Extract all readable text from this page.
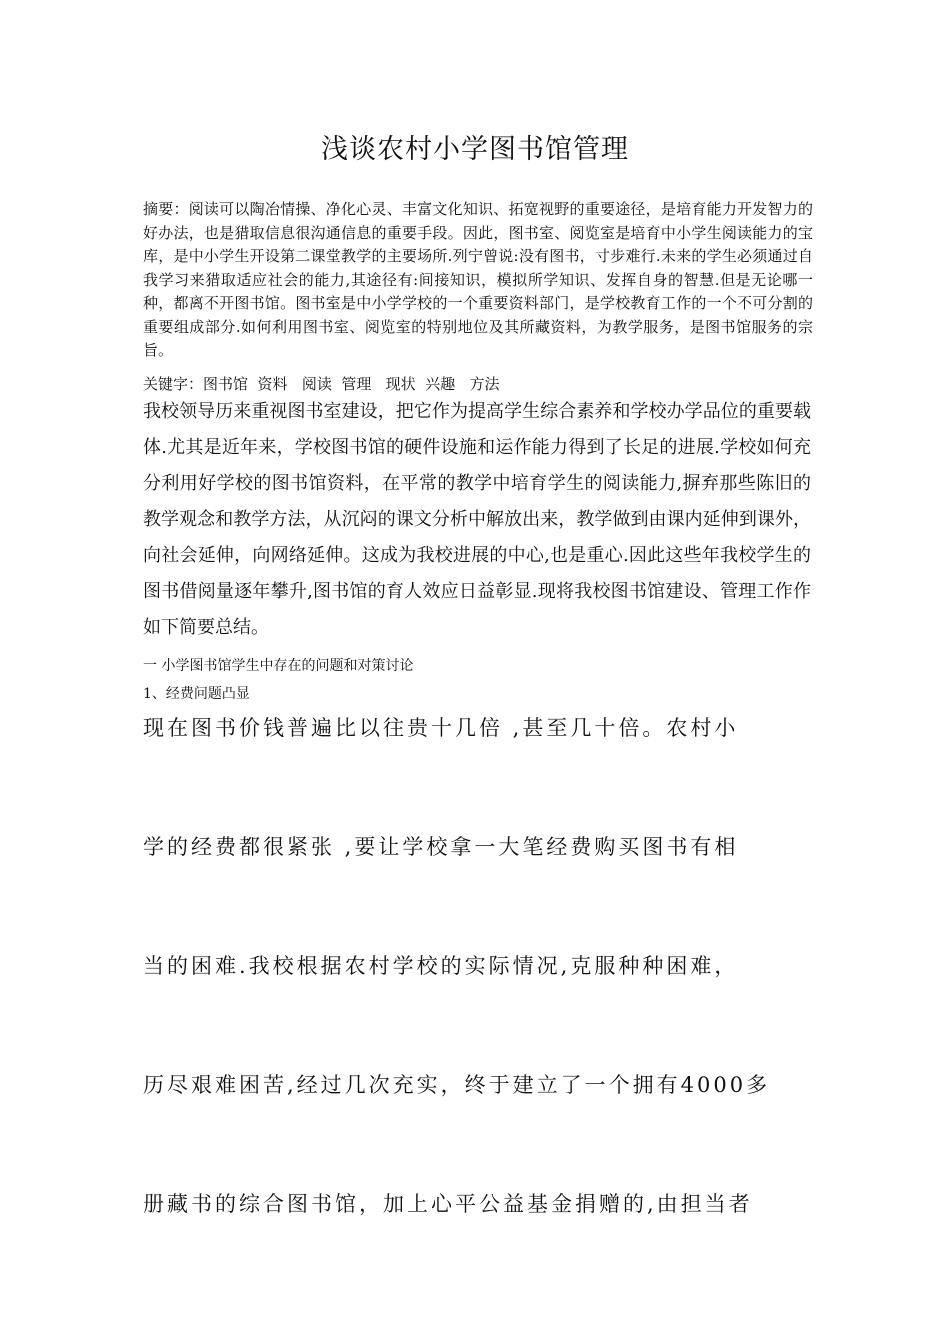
浅谈农村小学图书馆管理

摘要：阅读可以陶冶情操、净化心灵、丰富文化知识、拓宽视野的重要途径，是培育能力开发智力的好办法，也是猎取信息很沟通信息的重要手段。因此，图书室、阅览室是培育中小学生阅读能力的宝库，是中小学生开设第二课堂教学的主要场所.列宁曾说:没有图书，寸步难行.未来的学生必须通过自我学习来猎取适应社会的能力,其途径有:间接知识，模拟所学知识、发挥自身的智慧.但是无论哪一种，都离不开图书馆。图书室是中小学学校的一个重要资料部门，是学校教育工作的一个不可分割的重要组成部分.如何利用图书室、阅览室的特别地位及其所藏资料，为教学服务，是图书馆服务的宗旨。

关键字：图书馆  资料   阅读  管理   现状  兴趣   方法

我校领导历来重视图书室建设，把它作为提高学生综合素养和学校办学品位的重要载体.尤其是近年来，学校图书馆的硬件设施和运作能力得到了长足的进展.学校如何充分利用好学校的图书馆资料，在平常的教学中培育学生的阅读能力,摒弃那些陈旧的教学观念和教学方法，从沉闷的课文分析中解放出来，教学做到由课内延伸到课外，向社会延伸，向网络延伸。这成为我校进展的中心,也是重心.因此这些年我校学生的图书借阅量逐年攀升,图书馆的育人效应日益彰显.现将我校图书馆建设、管理工作作如下简要总结。

一 小学图书馆学生中存在的问题和对策讨论

1、经费问题凸显

现在图书价钱普遍比以往贵十几倍 ,甚至几十倍。农村小
学的经费都很紧张 ,要让学校拿一大笔经费购买图书有相
当的困难.我校根据农村学校的实际情况,克服种种困难，
历尽艰难困苦,经过几次充实，终于建立了一个拥有4000多
册藏书的综合图书馆，加上心平公益基金捐赠的,由担当者
